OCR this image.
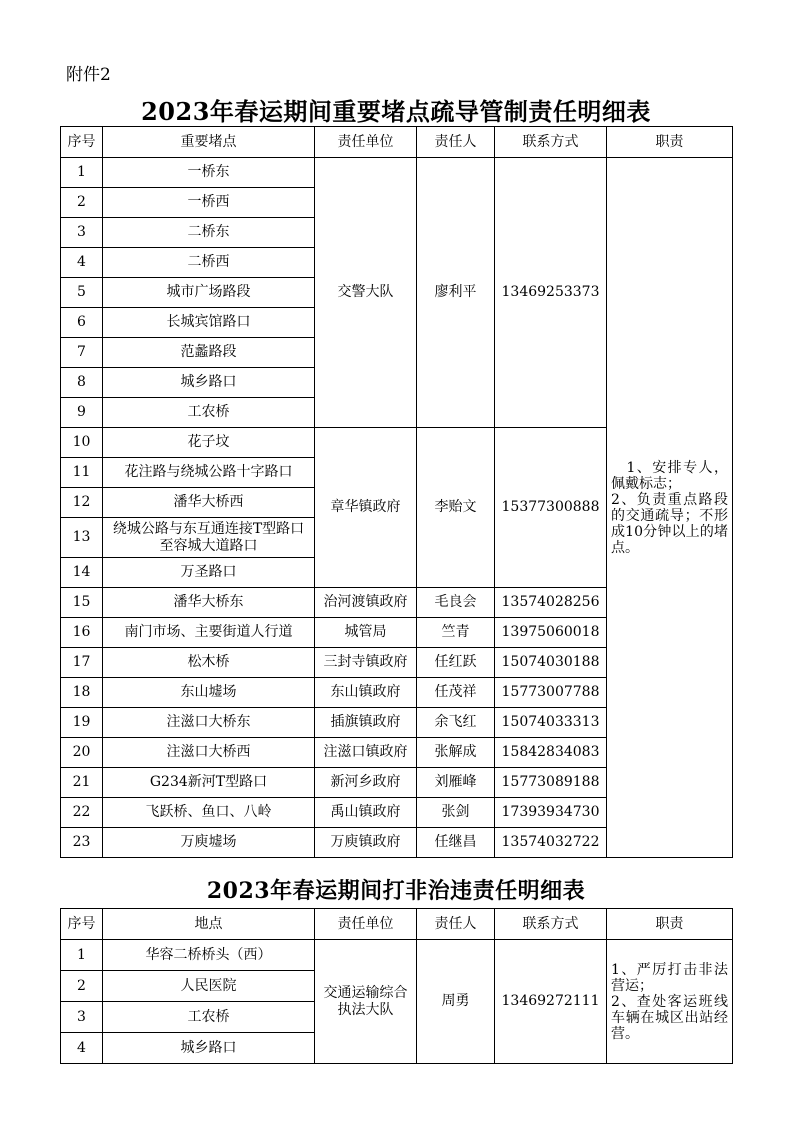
附件2
2023年春运期间重要堵点疏导管制责任明细表
序号	重要堵点	责任单位	责任人	联系方式	职责
1	一桥东	交警大队	廖利平	13469253373	　1、安排专人，佩戴标志；
2、负责重点路段的交通疏导；不形成10分钟以上的堵点。

2	一桥西				
3	二桥东				
4	二桥西				
5	城市广场路段				
6	长城宾馆路口				
7	范蠡路段				
8	城乡路口				
9	工农桥				
10	花子坟	章华镇政府	李贻文	15377300888	
11	花注路与绕城公路十字路口				
12	潘华大桥西				
13	绕城公路与东互通连接T型路口至容城大道路口				
14	万圣路口				
15	潘华大桥东	治河渡镇政府	毛良会	13574028256	
16	南门市场、主要街道人行道	城管局	竺青	13975060018	
17	松木桥	三封寺镇政府	任红跃	15074030188	
18	东山墟场	东山镇政府	任茂祥	15773007788	
19	注滋口大桥东	插旗镇政府	余飞红	15074033313	
20	注滋口大桥西	注滋口镇政府	张解成	15842834083	
21	G234新河T型路口	新河乡政府	刘雁峰	15773089188	
22	飞跃桥、鱼口、八岭	禹山镇政府	张剑	17393934730	
23	万庾墟场	万庾镇政府	任继昌	13574032722	
2023年春运期间打非治违责任明细表
序号	地点	责任单位	责任人	联系方式	职责
1	华容二桥桥头（西）	交通运输综合执法大队	周勇	13469272111	1、严厉打击非法营运；
2、查处客运班线车辆在城区出站经营。

2	人民医院				
3	工农桥				
4	城乡路口				
